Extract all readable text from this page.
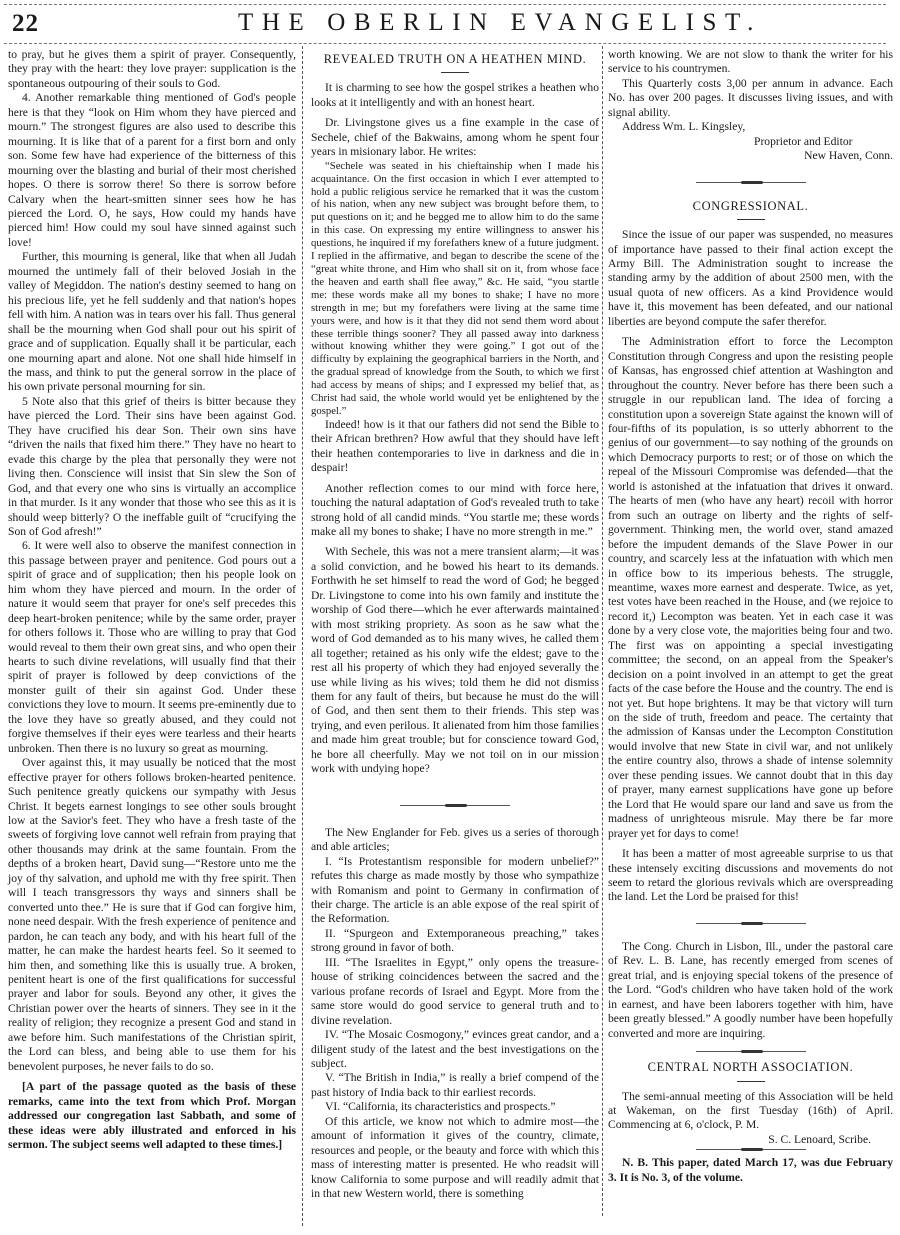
22	THE OBERLIN EVANGELIST.

to pray, but he gives them a spirit of prayer. Consequently, they pray with the heart: they love prayer: supplication is the spontaneous outpouring of their souls to God.

4. Another remarkable thing mentioned of God's people here is that they “look on Him whom they have pierced and mourn.” The strongest figures are also used to describe this mourning. It is like that of a parent for a first born and only son. Some few have had experience of the bitterness of this mourning over the blasting and burial of their most cherished hopes. O there is sorrow there! So there is sorrow before Calvary when the heart-smitten sinner sees how he has pierced the Lord. O, he says, How could my hands have pierced him! How could my soul have sinned against such love!

Further, this mourning is general, like that when all Judah mourned the untimely fall of their beloved Josiah in the valley of Megiddon. The nation's destiny seemed to hang on his precious life, yet he fell suddenly and that nation's hopes fell with him. A nation was in tears over his fall. Thus general shall be the mourning when God shall pour out his spirit of grace and of supplication. Equally shall it be particular, each one mourning apart and alone. Not one shall hide himself in the mass, and think to put the general sorrow in the place of his own private personal mourning for sin.

5 Note also that this grief of theirs is bitter because they have pierced the Lord. Their sins have been against God. They have crucified his dear Son. Their own sins have “driven the nails that fixed him there.” They have no heart to evade this charge by the plea that personally they were not living then. Conscience will insist that Sin slew the Son of God, and that every one who sins is virtually an accomplice in that murder. Is it any wonder that those who see this as it is should weep bitterly? O the ineffable guilt of “crucifying the Son of God afresh!”

6. It were well also to observe the manifest connection in this passage between prayer and penitence. God pours out a spirit of grace and of supplication; then his people look on him whom they have pierced and mourn. In the order of nature it would seem that prayer for one's self precedes this deep heart-broken penitence; while by the same order, prayer for others follows it. Those who are willing to pray that God would reveal to them their own great sins, and who open their hearts to such divine revelations, will usually find that their spirit of prayer is followed by deep convictions of the monster guilt of their sin against God. Under these convictions they love to mourn. It seems pre-eminently due to the love they have so greatly abused, and they could not forgive themselves if their eyes were tearless and their hearts unbroken. Then there is no luxury so great as mourning.

Over against this, it may usually be noticed that the most effective prayer for others follows broken-hearted penitence. Such penitence greatly quickens our sympathy with Jesus Christ. It begets earnest longings to see other souls brought low at the Savior's feet. They who have a fresh taste of the sweets of forgiving love cannot well refrain from praying that other thousands may drink at the same fountain. From the depths of a broken heart, David sung—“Restore unto me the joy of thy salvation, and uphold me with thy free spirit. Then will I teach transgressors thy ways and sinners shall be converted unto thee.” He is sure that if God can forgive him, none need despair. With the fresh experience of penitence and pardon, he can teach any body, and with his heart full of the matter, he can make the hardest hearts feel. So it seemed to him then, and something like this is usually true. A broken, penitent heart is one of the first qualifications for successful prayer and labor for souls. Beyond any other, it gives the Christian power over the hearts of sinners. They see in it the reality of religion; they recognize a present God and stand in awe before him. Such manifestations of the Christian spirit, the Lord can bless, and being able to use them for his benevolent purposes, he never fails to do so.

[A part of the passage quoted as the basis of these remarks, came into the text from which Prof. Morgan addressed our congregation last Sabbath, and some of these ideas were ably illustrated and enforced in his sermon. The subject seems well adapted to these times.]

REVEALED TRUTH ON A HEATHEN MIND.

It is charming to see how the gospel strikes a heathen who looks at it intelligently and with an honest heart.

Dr. Livingstone gives us a fine example in the case of Sechele, chief of the Bakwains, among whom he spent four years in misionary labor. He writes:

“Sechele was seated in his chieftainship when I made his acquaintance. On the first occasion in which I ever attempted to hold a public religious service he remarked that it was the custom of his nation, when any new subject was brought before them, to put questions on it; and he begged me to allow him to do the same in this case. On expressing my entire willingness to answer his questions, he inquired if my forefathers knew of a future judgment. I replied in the affirmative, and began to describe the scene of the “great white throne, and Him who shall sit on it, from whose face the heaven and earth shall flee away,” &c. He said, “you startle me: these words make all my bones to shake; I have no more strength in me; but my forefathers were living at the same time yours were, and how is it that they did not send them word about these terrible things sooner? They all passed away into darkness without knowing whither they were going.” I got out of the difficulty by explaining the geographical barriers in the North, and the gradual spread of knowledge from the South, to which we first had access by means of ships; and I expressed my belief that, as Christ had said, the whole world would yet be enlightened by the gospel.”

Indeed! how is it that our fathers did not send the Bible to their African brethren? How awful that they should have left their heathen contemporaries to live in darkness and die in despair!

Another reflection comes to our mind with force here, touching the natural adaptation of God's revealed truth to take strong hold of all candid minds. “You startle me; these words make all my bones to shake; I have no more strength in me.”

With Sechele, this was not a mere transient alarm;—it was a solid conviction, and he bowed his heart to its demands. Forthwith he set himself to read the word of God; he begged Dr. Livingstone to come into his own family and institute the worship of God there—which he ever afterwards maintained with most striking propriety. As soon as he saw what the word of God demanded as to his many wives, he called them all together; retained as his only wife the eldest; gave to the rest all his property of which they had enjoyed severally the use while living as his wives; told them he did not dismiss them for any fault of theirs, but because he must do the will of God, and then sent them to their friends. This step was trying, and even perilous. It alienated from him those families and made him great trouble; but for conscience toward God, he bore all cheerfully. May we not toil on in our mission work with undying hope?

The New Englander for Feb. gives us a series of thorough and able articles;

I. “Is Protestantism responsible for modern unbelief?” refutes this charge as made mostly by those who sympathize with Romanism and point to Germany in confirmation of their charge. The article is an able expose of the real spirit of the Reformation.

II. “Spurgeon and Extemporaneous preaching,” takes strong ground in favor of both.

III. “The Israelites in Egypt,” only opens the treasure-house of striking coincidences between the sacred and the various profane records of Israel and Egypt. More from the same store would do good service to general truth and to divine revelation.

IV. “The Mosaic Cosmogony,” evinces great candor, and a diligent study of the latest and the best investigations on the subject.

V. “The British in India,” is really a brief compend of the past history of India back to thir earliest records.

VI. “California, its characteristics and prospects.”

Of this article, we know not which to admire most—the amount of information it gives of the country, climate, resources and people, or the beauty and force with which this mass of interesting matter is presented. He who readsit will know California to some purpose and will readily admit that in that new Western world, there is something

worth knowing. We are not slow to thank the writer for his service to his countrymen.

This Quarterly costs 3,00 per annum in advance. Each No. has over 200 pages. It discusses living issues, and with signal ability.

Address Wm. L. Kingsley,

Proprietor and Editor

New Haven, Conn.

CONGRESSIONAL.

Since the issue of our paper was suspended, no measures of importance have passed to their final action except the Army Bill. The Administration sought to increase the standing army by the addition of about 2500 men, with the usual quota of new officers. As a kind Providence would have it, this movement has been defeated, and our national liberties are beyond compute the safer therefor.

The Administration effort to force the Lecompton Constitution through Congress and upon the resisting people of Kansas, has engrossed chief attention at Washington and throughout the country. Never before has there been such a struggle in our republican land. The idea of forcing a constitution upon a sovereign State against the known will of four-fifths of its population, is so utterly abhorrent to the genius of our government—to say nothing of the grounds on which Democracy purports to rest; or of those on which the repeal of the Missouri Compromise was defended—that the world is astonished at the infatuation that drives it onward. The hearts of men (who have any heart) recoil with horror from such an outrage on liberty and the rights of self-government. Thinking men, the world over, stand amazed before the impudent demands of the Slave Power in our country, and scarcely less at the infatuation with which men in office bow to its imperious behests. The struggle, meantime, waxes more earnest and desperate. Twice, as yet, test votes have been reached in the House, and (we rejoice to record it,) Lecompton was beaten. Yet in each case it was done by a very close vote, the majorities being four and two. The first was on appointing a special investigating committee; the second, on an appeal from the Speaker's decision on a point involved in an attempt to get the great facts of the case before the House and the country. The end is not yet. But hope brightens. It may be that victory will turn on the side of truth, freedom and peace. The certainty that the admission of Kansas under the Lecompton Constitution would involve that new State in civil war, and not unlikely the entire country also, throws a shade of intense solemnity over these pending issues. We cannot doubt that in this day of prayer, many earnest supplications have gone up before the Lord that He would spare our land and save us from the madness of unrighteous misrule. May there be far more prayer yet for days to come!

It has been a matter of most agreeable surprise to us that these intensely exciting discussions and movements do not seem to retard the glorious revivals which are overspreading the land. Let the Lord be praised for this!

The Cong. Church in Lisbon, Ill., under the pastoral care of Rev. L. B. Lane, has recently emerged from scenes of great trial, and is enjoying special tokens of the presence of the Lord. “God's children who have taken hold of the work in earnest, and have been laborers together with him, have been greatly blessed.” A goodly number have been hopefully converted and more are inquiring.

CENTRAL NORTH ASSOCIATION.

The semi-annual meeting of this Association will be held at Wakeman, on the first Tuesday (16th) of April. Commencing at 6, o'clock, P. M.

S. C. Lenoard, Scribe.

N. B. This paper, dated March 17, was due February 3. It is No. 3, of the volume.
